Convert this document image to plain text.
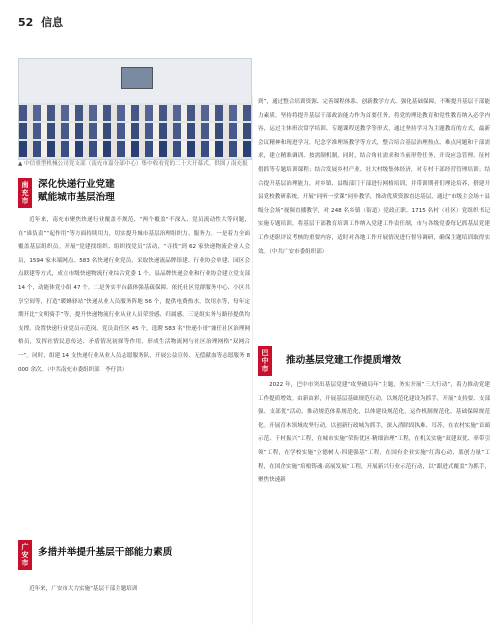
52 信息
▲ 中信重型机械公司党支部（南充市嘉分部中心）集中收看党的二十大开幕式。供图 / 南充报
南充市 深化快递行业党建
赋能城市基层治理
近年来，南充市聚焦快递行业覆盖不规范、“两个覆盖”不深入、党员流动性大等问题，在“谁负责”“起作用”等方面持续用力，切实提升城市基层治理组织力、服务力。一是着力全面覆盖基层组织员。开展“党建找组织、组织找党员”活动，“寻找”到 62 家快递物流企业人会员，1594 家末端网点、583 名快递行业党员。采取快递流品牌组建、行业协会单建、园区会点联建等方式，成立市级快递物流行业综合党委 1 个，县品牌快递会业和行业协会建立党支部 14 个，动能体党小组 47 个。二是务实平台载体强基疏保障。依托社区党群服务中心、小区共享空间等，打造“暖蜂驿站”快递从业人员服务阵地 56 个，提供电费热水，饮用水等，每年定期开比“文明骑手”等，提升快递物流行业从业人员荣誉感、归属感。三是组实务与路径提供均支撑。设置快递行业党员示范岗、党员责任区 45 个，选聘 583 名“快递小哥”兼任社区治理网格员，发挥社情民意传达、矛盾情况初探等作用，形成生活物流网与社区治理网格“双网合一”。同时，组建 14 支快递行业从业人员志愿服务队，开展公益宣传、无偿献血等志愿服务 8000 余次。（中共南充市委组织部　李仔洪）
广安市 多措并举提升基层干部能力素质
近年来，广安市大力实施“基层干部主题培训
到”，通过整合培训资源、完善课程体系、创新教学方式、强化基础保障，不断提升基层干部能力素质。坚持将提升基层干部政治能力作为首要任务，将党的理论教育和党性教育纳入必学内容，运过主体班次常学培训、专题课程送教学等形式，通过坚持学习为主题教育的方式，最新会议精神和现进学习，纪念学准理场教学等方式，整合培合基层治理热点、难点问题和干部需求，建立精准调训、按需制机制，同时，结合角社需求和当前形势任务，开设应急管理、征村借抓等专题培训课程；结合发展乡村产业、壮大村级集体经济，对专村干部经营管理培训；结合提升基层治理能力，对乡镇、县级部门干部进行网格培训，并带训期者们理论培养，搭建开县党校教研系统，开展“同听一堂课”同步教学，推动优质资源直达基层，通过“市级主会场＋县级分会场”视频直播教学，对 248 名乡镇（街道）党政正职、1715 名村（社区）党组织书记实施专题培训，将基层干部教育培训工作纳入党建工作责任制，市与各级党委每记抓基层党建工作述职评议考核的重要内容，适时对各地工作开展情况进行督导调研，确保主题培训取得实效。（中共广安市委组织部）
巴中市	推动基层党建工作提质增效
2022 年，巴中市突出基层党建“攻坚破局年”主题，务实开展“三大行动”，着力推动党建工作提质增效。由新由彩，开展基层基础规范行动，以规范化建设为抓手，开展“支持要、支部强、支部优”活动，推动规范体系规范化，以体建设规范化，运作机制规范化、基础保障规范化。开展育木领域攻坚行动，以创新行政城为抓手，深入消除固执难、耳苏，在农村实施“首頭示范、千村振兴”工程，在城市实施“荣衔优区·精细治理”工程，在机关实施“双建双优、率带引领”工程，在学校实施“立德树人·四建强基”工程，在国有企业实施“红海心动、蓝创力量”工程，在国企实施“培根铸魂·高展发展”工程，开展新兴行业示范行动，以“跟进式覆盖”为抓手，聚焦快速新
